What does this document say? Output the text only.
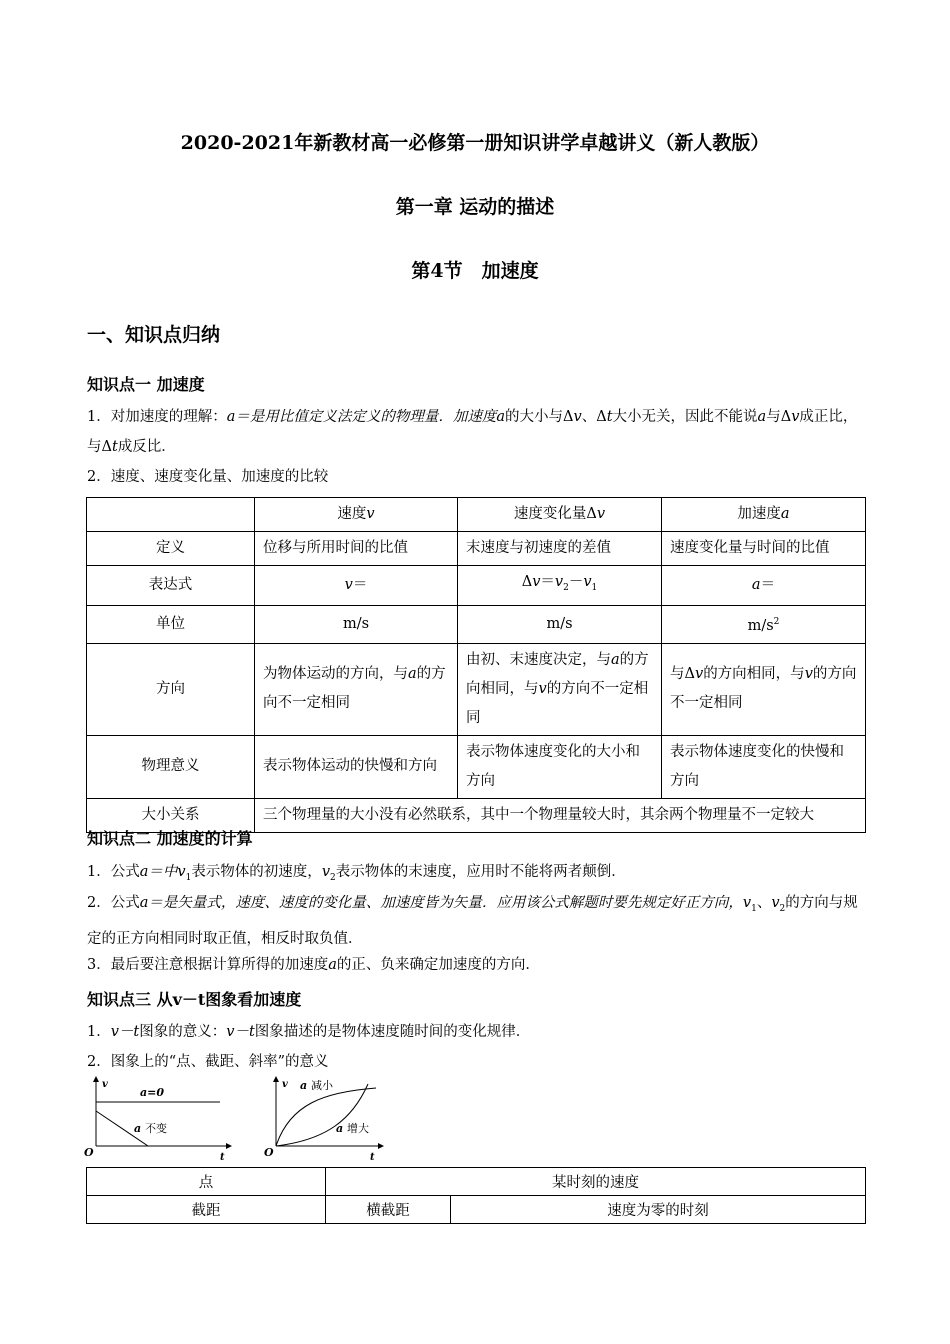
2020-2021年新教材高一必修第一册知识讲学卓越讲义（新人教版）
第一章 运动的描述
第4节　加速度
一、知识点归纳
知识点一 加速度
1．对加速度的理解：a＝是用比值定义法定义的物理量．加速度a的大小与Δv、Δt大小无关，因此不能说a与Δv成正比，与Δt成反比．
2．速度、速度变化量、加速度的比较
	速度v	速度变化量Δv	加速度a
定义	位移与所用时间的比值	末速度与初速度的差值	速度变化量与时间的比值
表达式	v＝	$\Delta v=v_2-v_1$	a＝
单位	m/s	m/s	$m/s^2$
方向	为物体运动的方向，与a的方向不一定相同	由初、末速度决定，与a的方向相同，与v的方向不一定相同	与Δv的方向相同，与v的方向不一定相同
物理意义	表示物体运动的快慢和方向	表示物体速度变化的大小和方向	表示物体速度变化的快慢和方向
大小关系	三个物理量的大小没有必然联系，其中一个物理量较大时，其余两个物理量不一定较大		
知识点二 加速度的计算
1．公式a＝中$v_1$表示物体的初速度，$v_2$表示物体的末速度，应用时不能将两者颠倒．
2．公式a＝是矢量式，速度、速度的变化量、加速度皆为矢量．应用该公式解题时要先规定好正方向，$v_1$、$v_2$的方向与规定的正方向相同时取正值，相反时取负值．
3．最后要注意根据计算所得的加速度a的正、负来确定加速度的方向．
知识点三 从v－t图象看加速度
1．v－t图象的意义：v－t图象描述的是物体速度随时间的变化规律．
2．图象上的“点、截距、斜率”的意义
v
t
O
a=0
a 不变
v
t
O
a 减小
a 增大
点	某时刻的速度	
截距	横截距	速度为零的时刻
